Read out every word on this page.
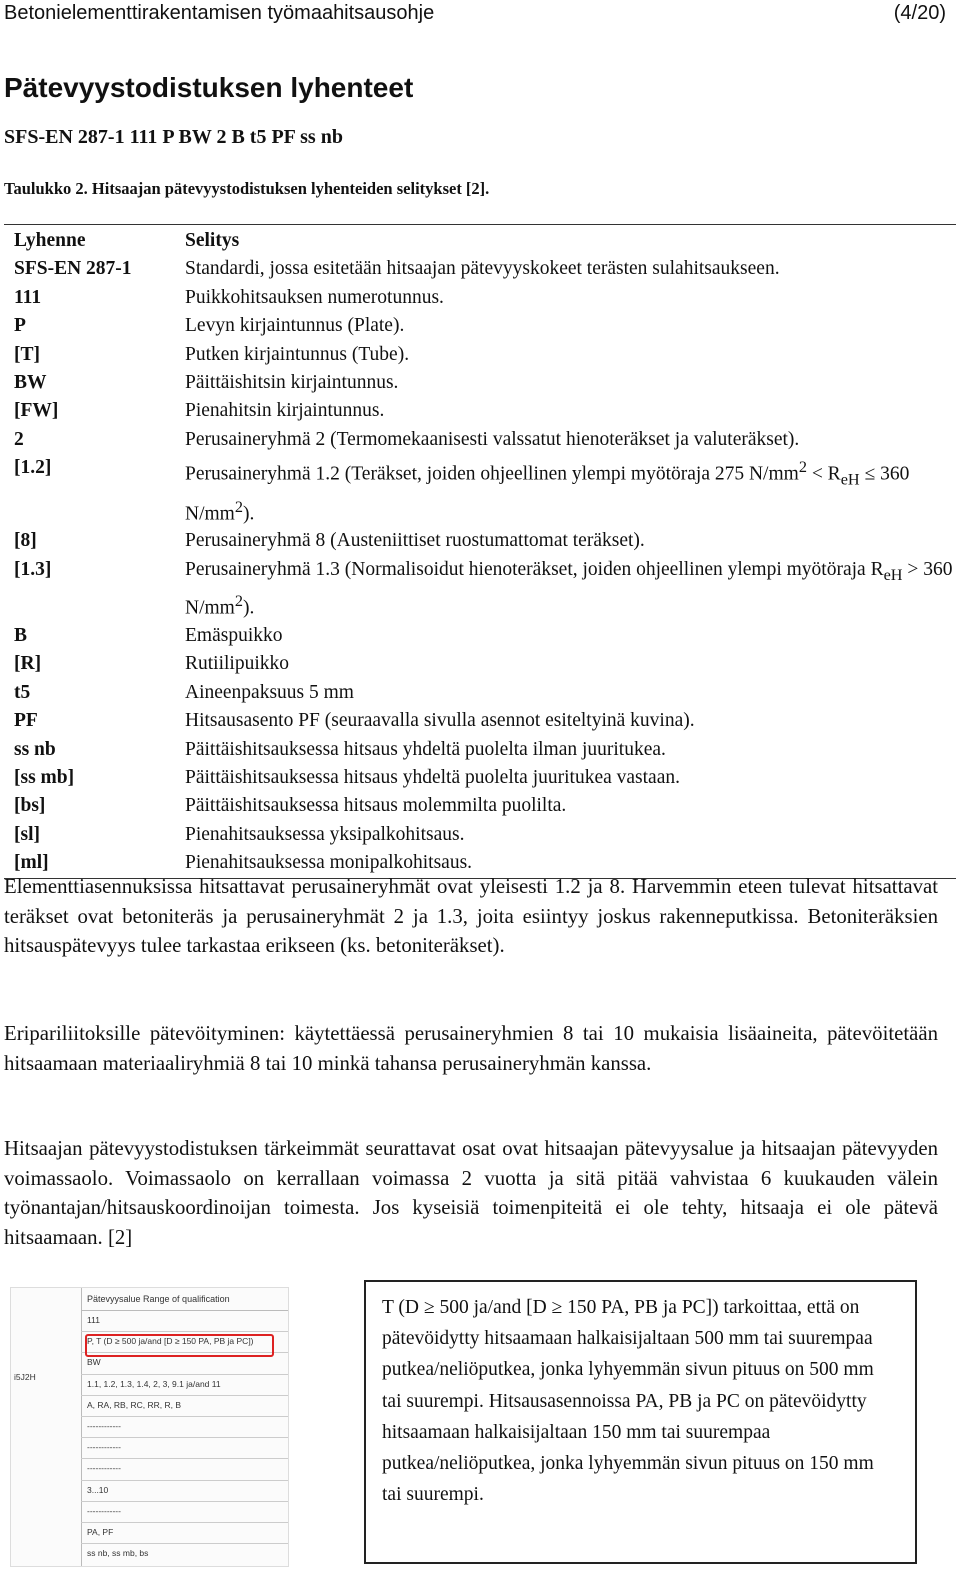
Betonielementtirakentamisen työmaahitsausohje	(4/20)
Pätevyystodistuksen lyhenteet
SFS-EN 287-1 111 P BW 2 B t5 PF ss nb
Taulukko 2. Hitsaajan pätevyystodistuksen lyhenteiden selitykset [2].
Lyhenne	Selitys
SFS-EN 287-1	Standardi, jossa esitetään hitsaajan pätevyyskokeet terästen sulahitsaukseen.
111	Puikkohitsauksen numerotunnus.
P	Levyn kirjaintunnus (Plate).
[T]	Putken kirjaintunnus (Tube).
BW	Päittäishitsin kirjaintunnus.
[FW]	Pienahitsin kirjaintunnus.
2	Perusaineryhmä 2 (Termomekaanisesti valssatut hienoteräkset ja valuteräkset).
[1.2]	Perusaineryhmä 1.2 (Teräkset, joiden ohjeellinen ylempi myötöraja 275 $N/mm^2 < R_{eH} \le 360$ $N/mm^2$).
[8]	Perusaineryhmä 8 (Austeniittiset ruostumattomat teräkset).
[1.3]	Perusaineryhmä 1.3 (Normalisoidut hienoteräkset, joiden ohjeellinen ylempi myötöraja $R_{eH} > 360$ $N/mm^2$).
B	Emäspuikko
[R]	Rutiilipuikko
t5	Aineenpaksuus 5 mm
PF	Hitsausasento PF (seuraavalla sivulla asennot esiteltyinä kuvina).
ss nb	Päittäishitsauksessa hitsaus yhdeltä puolelta ilman juuritukea.
[ss mb]	Päittäishitsauksessa hitsaus yhdeltä puolelta juuritukea vastaan.
[bs]	Päittäishitsauksessa hitsaus molemmilta puolilta.
[sl]	Pienahitsauksessa yksipalkohitsaus.
[ml]	Pienahitsauksessa monipalkohitsaus.

Elementtiasennuksissa hitsattavat perusaineryhmät ovat yleisesti 1.2 ja 8. Harvemmin eteen tulevat hitsattavat teräkset ovat betoniteräs ja perusaineryhmät 2 ja 1.3, joita esiintyy joskus rakenneputkissa. Betoniteräksien hitsauspätevyys tulee tarkastaa erikseen (ks. betoniteräkset).

Eripariliitoksille pätevöityminen: käytettäessä perusaineryhmien 8 tai 10 mukaisia lisäaineita, pätevöitetään hitsaamaan materiaaliryhmiä 8 tai 10 minkä tahansa perusaineryhmän kanssa.

Hitsaajan pätevyystodistuksen tärkeimmät seurattavat osat ovat hitsaajan pätevyysalue ja hitsaajan pätevyyden voimassaolo. Voimassaolo on kerrallaan voimassa 2 vuotta ja sitä pitää vahvistaa 6 kuukauden välein työnantajan/hitsauskoordinoijan toimesta. Jos kyseisiä toimenpiteitä ei ole tehty, hitsaaja ei ole pätevä hitsaamaan. [2]

i5J2H
Pätevyysalue Range of qualification
111
P, T (D ≥ 500 ja/and [D ≥ 150 PA, PB ja PC])
BW
1.1, 1.2, 1.3, 1.4, 2, 3, 9.1 ja/and 11
A, RA, RB, RC, RR, R, B
------------
------------
------------
3...10
------------
PA, PF
ss nb, ss mb, bs

T (D ≥ 500 ja/and [D ≥ 150 PA, PB ja PC]) tarkoittaa, että on pätevöidytty hitsaamaan halkaisijaltaan 500 mm tai suurempaa putkea/neliöputkea, jonka lyhyemmän sivun pituus on 500 mm tai suurempi. Hitsausasennoissa PA, PB ja PC on pätevöidytty hitsaamaan halkaisijaltaan 150 mm tai suurempaa putkea/neliöputkea, jonka lyhyemmän sivun pituus on 150 mm tai suurempi.
